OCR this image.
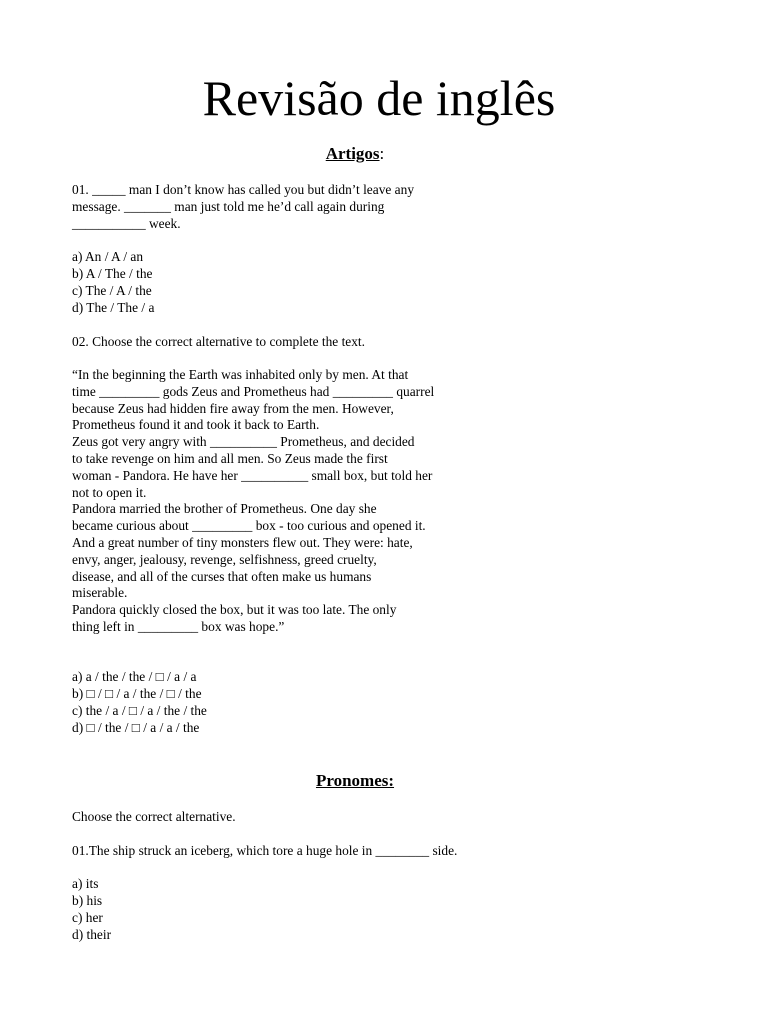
Revisão de inglês
Artigos:

01. _____ man I don’t know has called you but didn’t leave any

message. _______ man just told me he’d call again during

___________ week.

a) An / A / an

b) A / The / the

c) The / A / the

d) The / The / a

02. Choose the correct alternative to complete the text.

“In the beginning the Earth was inhabited only by men. At that

time _________ gods Zeus and Prometheus had _________ quarrel

because Zeus had hidden fire away from the men. However,

Prometheus found it and took it back to Earth.

Zeus got very angry with __________ Prometheus, and decided

to take revenge on him and all men. So Zeus made the first

woman - Pandora. He have her __________ small box, but told her

not to open it.

Pandora married the brother of Prometheus. One day she

became curious about _________ box - too curious and opened it.

And a great number of tiny monsters flew out. They were: hate,

envy, anger, jealousy, revenge, selfishness, greed cruelty,

disease, and all of the curses that often make us humans

miserable.

Pandora quickly closed the box, but it was too late. The only

thing left in _________ box was hope.”

a) a / the / the / □ / a / a

b) □ / □ / a / the / □ / the

c) the / a / □ / a / the / the

d) □ / the / □ / a / a / the

Pronomes:

Choose the correct alternative.

01.The ship struck an iceberg, which tore a huge hole in ________ side.

a) its

b) his

c) her

d) their
